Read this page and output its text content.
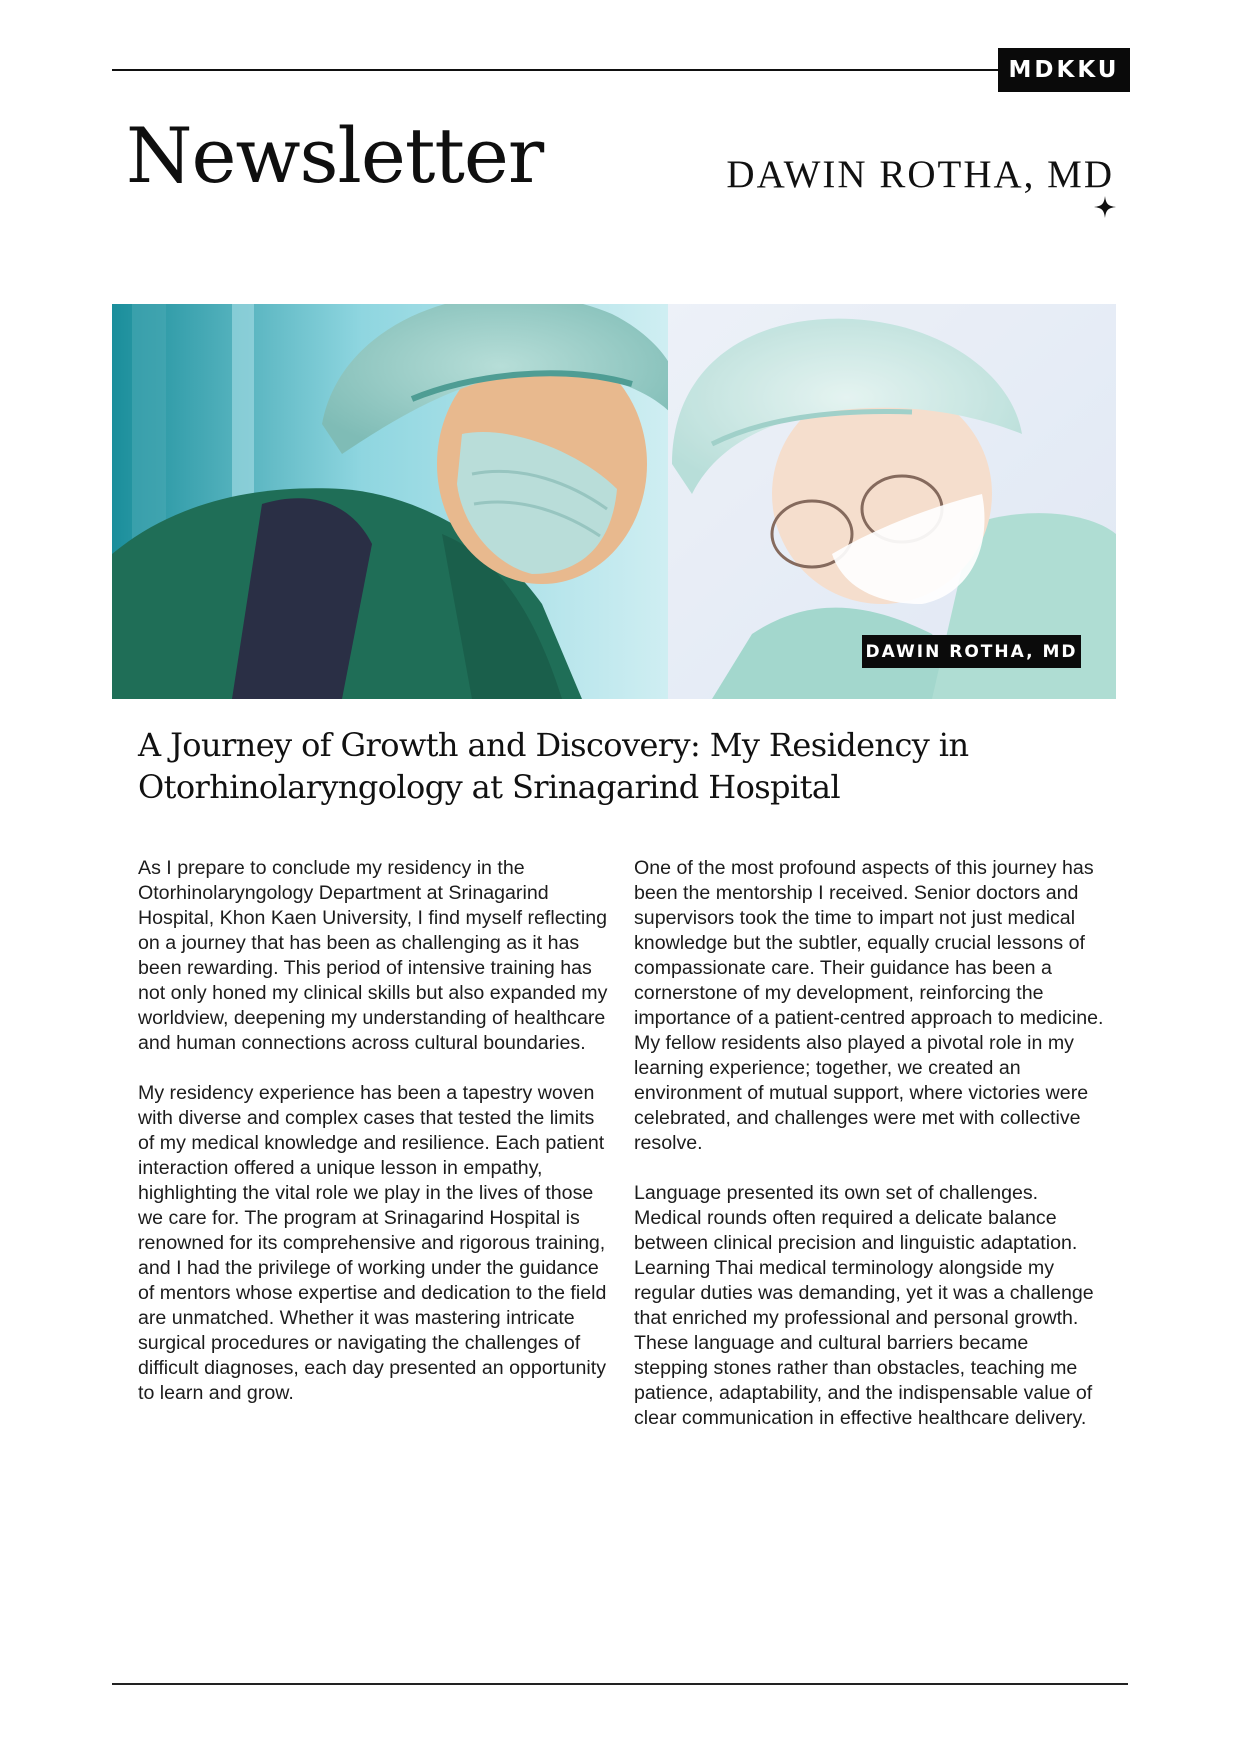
MDKKU
Newsletter	DAWIN ROTHA, MD
DAWIN ROTHA, MD
A Journey of Growth and Discovery: My Residency in
Otorhinolaryngology at Srinagarind Hospital

As I prepare to conclude my residency in the Otorhinolaryngology Department at Srinagarind Hospital, Khon Kaen University, I find myself reflecting on a journey that has been as challenging as it has been rewarding. This period of intensive training has not only honed my clinical skills but also expanded my worldview, deepening my understanding of healthcare and human connections across cultural boundaries.

My residency experience has been a tapestry woven with diverse and complex cases that tested the limits of my medical knowledge and resilience. Each patient interaction offered a unique lesson in empathy, highlighting the vital role we play in the lives of those we care for. The program at Srinagarind Hospital is renowned for its comprehensive and rigorous training, and I had the privilege of working under the guidance of mentors whose expertise and dedication to the field are unmatched. Whether it was mastering intricate surgical procedures or navigating the challenges of difficult diagnoses, each day presented an opportunity to learn and grow.

One of the most profound aspects of this journey has been the mentorship I received. Senior doctors and supervisors took the time to impart not just medical knowledge but the subtler, equally crucial lessons of compassionate care. Their guidance has been a cornerstone of my development, reinforcing the importance of a patient-centred approach to medicine. My fellow residents also played a pivotal role in my learning experience; together, we created an environment of mutual support, where victories were celebrated, and challenges were met with collective resolve.

Language presented its own set of challenges. Medical rounds often required a delicate balance between clinical precision and linguistic adaptation. Learning Thai medical terminology alongside my regular duties was demanding, yet it was a challenge that enriched my professional and personal growth. These language and cultural barriers became stepping stones rather than obstacles, teaching me patience, adaptability, and the indispensable value of clear communication in effective healthcare delivery.
